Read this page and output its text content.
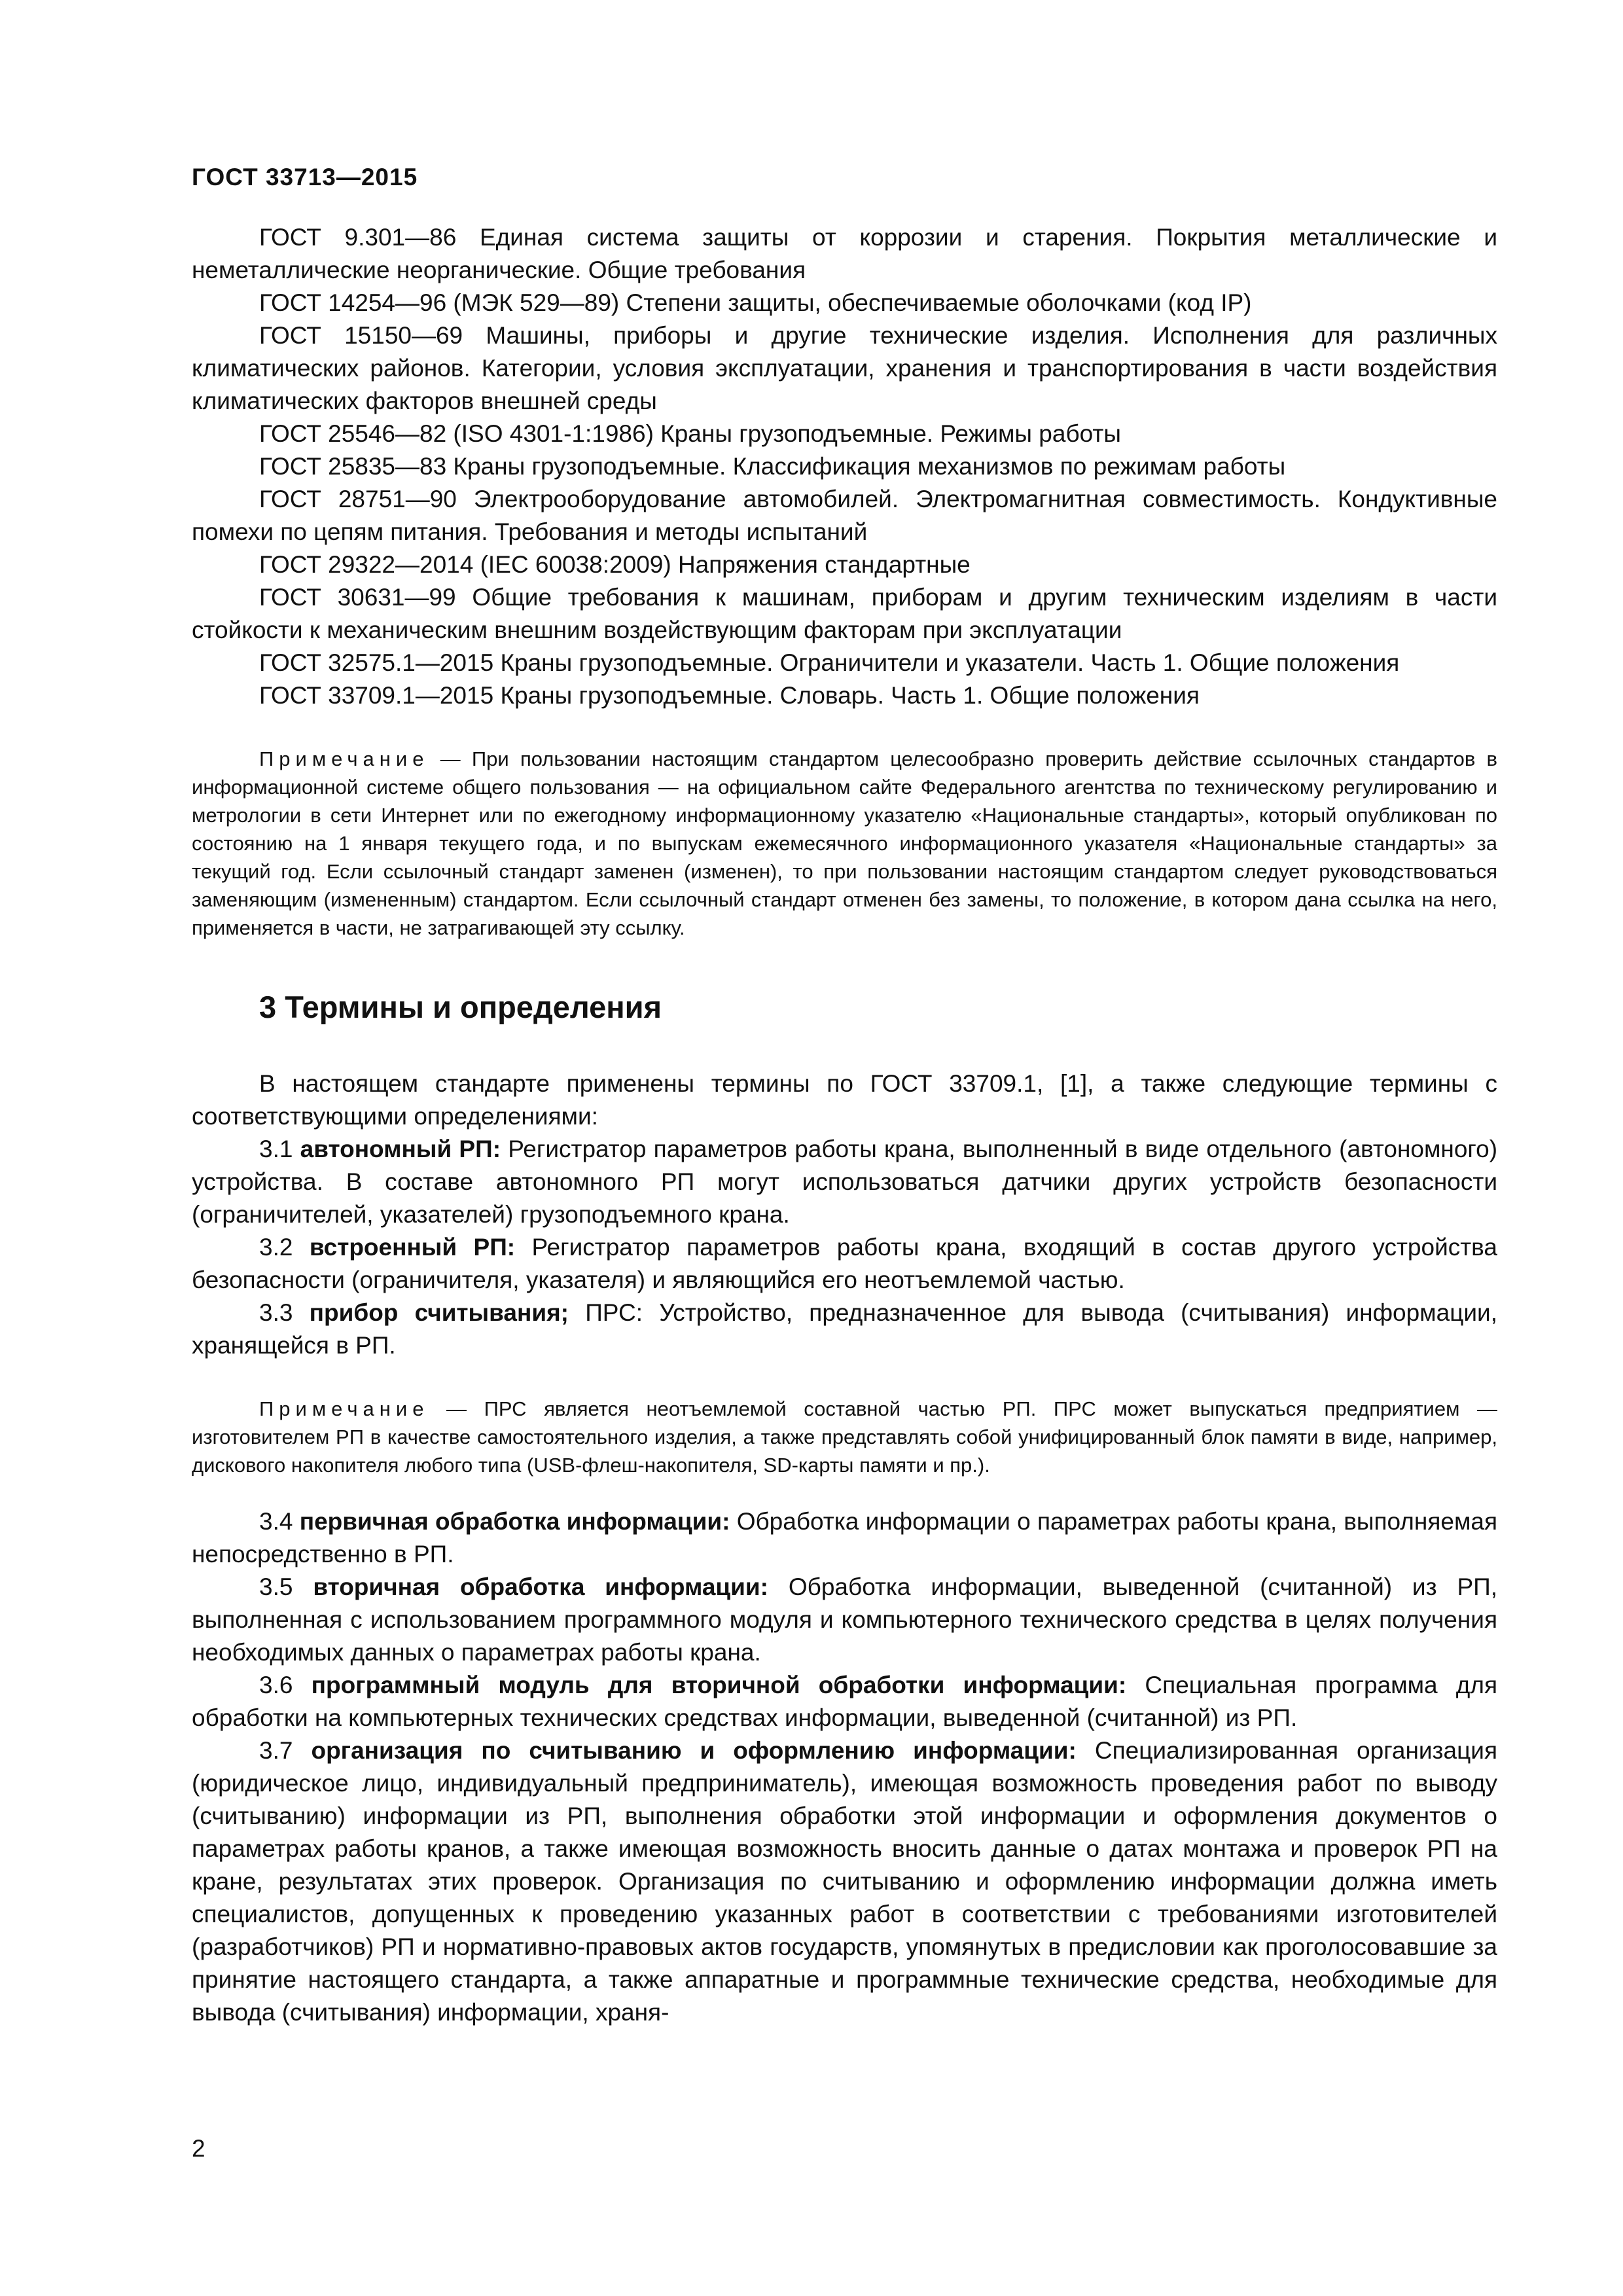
ГОСТ 33713—2015

ГОСТ 9.301—86 Единая система защиты от коррозии и старения. Покрытия металлические и неметаллические неорганические. Общие требования

ГОСТ 14254—96 (МЭК 529—89) Степени защиты, обеспечиваемые оболочками (код IP)

ГОСТ 15150—69 Машины, приборы и другие технические изделия. Исполнения для различных климатических районов. Категории, условия эксплуатации, хранения и транспортирования в части воздействия климатических факторов внешней среды

ГОСТ 25546—82 (ISO 4301-1:1986) Краны грузоподъемные. Режимы работы

ГОСТ 25835—83 Краны грузоподъемные. Классификация механизмов по режимам работы

ГОСТ 28751—90 Электрооборудование автомобилей. Электромагнитная совместимость. Кондуктивные помехи по цепям питания. Требования и методы испытаний

ГОСТ 29322—2014 (IEC 60038:2009) Напряжения стандартные

ГОСТ 30631—99 Общие требования к машинам, приборам и другим техническим изделиям в части стойкости к механическим внешним воздействующим факторам при эксплуатации

ГОСТ 32575.1—2015 Краны грузоподъемные. Ограничители и указатели. Часть 1. Общие положения

ГОСТ 33709.1—2015 Краны грузоподъемные. Словарь. Часть 1. Общие положения

Примечание — При пользовании настоящим стандартом целесообразно проверить действие ссылочных стандартов в информационной системе общего пользования — на официальном сайте Федерального агентства по техническому регулированию и метрологии в сети Интернет или по ежегодному информационному указателю «Национальные стандарты», который опубликован по состоянию на 1 января текущего года, и по выпускам ежемесячного информационного указателя «Национальные стандарты» за текущий год. Если ссылочный стандарт заменен (изменен), то при пользовании настоящим стандартом следует руководствоваться заменяющим (измененным) стандартом. Если ссылочный стандарт отменен без замены, то положение, в котором дана ссылка на него, применяется в части, не затрагивающей эту ссылку.

3 Термины и определения

В настоящем стандарте применены термины по ГОСТ 33709.1, [1], а также следующие термины с соответствующими определениями:

3.1 автономный РП: Регистратор параметров работы крана, выполненный в виде отдельного (автономного) устройства. В составе автономного РП могут использоваться датчики других устройств безопасности (ограничителей, указателей) грузоподъемного крана.

3.2 встроенный РП: Регистратор параметров работы крана, входящий в состав другого устройства безопасности (ограничителя, указателя) и являющийся его неотъемлемой частью.

3.3 прибор считывания; ПРС: Устройство, предназначенное для вывода (считывания) информации, хранящейся в РП.

Примечание — ПРС является неотъемлемой составной частью РП. ПРС может выпускаться предприятием — изготовителем РП в качестве самостоятельного изделия, а также представлять собой унифицированный блок памяти в виде, например, дискового накопителя любого типа (USB-флеш-накопителя, SD-карты памяти и пр.).

3.4 первичная обработка информации: Обработка информации о параметрах работы крана, выполняемая непосредственно в РП.

3.5 вторичная обработка информации: Обработка информации, выведенной (считанной) из РП, выполненная с использованием программного модуля и компьютерного технического средства в целях получения необходимых данных о параметрах работы крана.

3.6 программный модуль для вторичной обработки информации: Специальная программа для обработки на компьютерных технических средствах информации, выведенной (считанной) из РП.

3.7 организация по считыванию и оформлению информации: Специализированная организация (юридическое лицо, индивидуальный предприниматель), имеющая возможность проведения работ по выводу (считыванию) информации из РП, выполнения обработки этой информации и оформления документов о параметрах работы кранов, а также имеющая возможность вносить данные о датах монтажа и проверок РП на кране, результатах этих проверок. Организация по считыванию и оформлению информации должна иметь специалистов, допущенных к проведению указанных работ в соответствии с требованиями изготовителей (разработчиков) РП и нормативно-правовых актов государств, упомянутых в предисловии как проголосовавшие за принятие настоящего стандарта, а также аппаратные и программные технические средства, необходимые для вывода (считывания) информации, храня-

2
